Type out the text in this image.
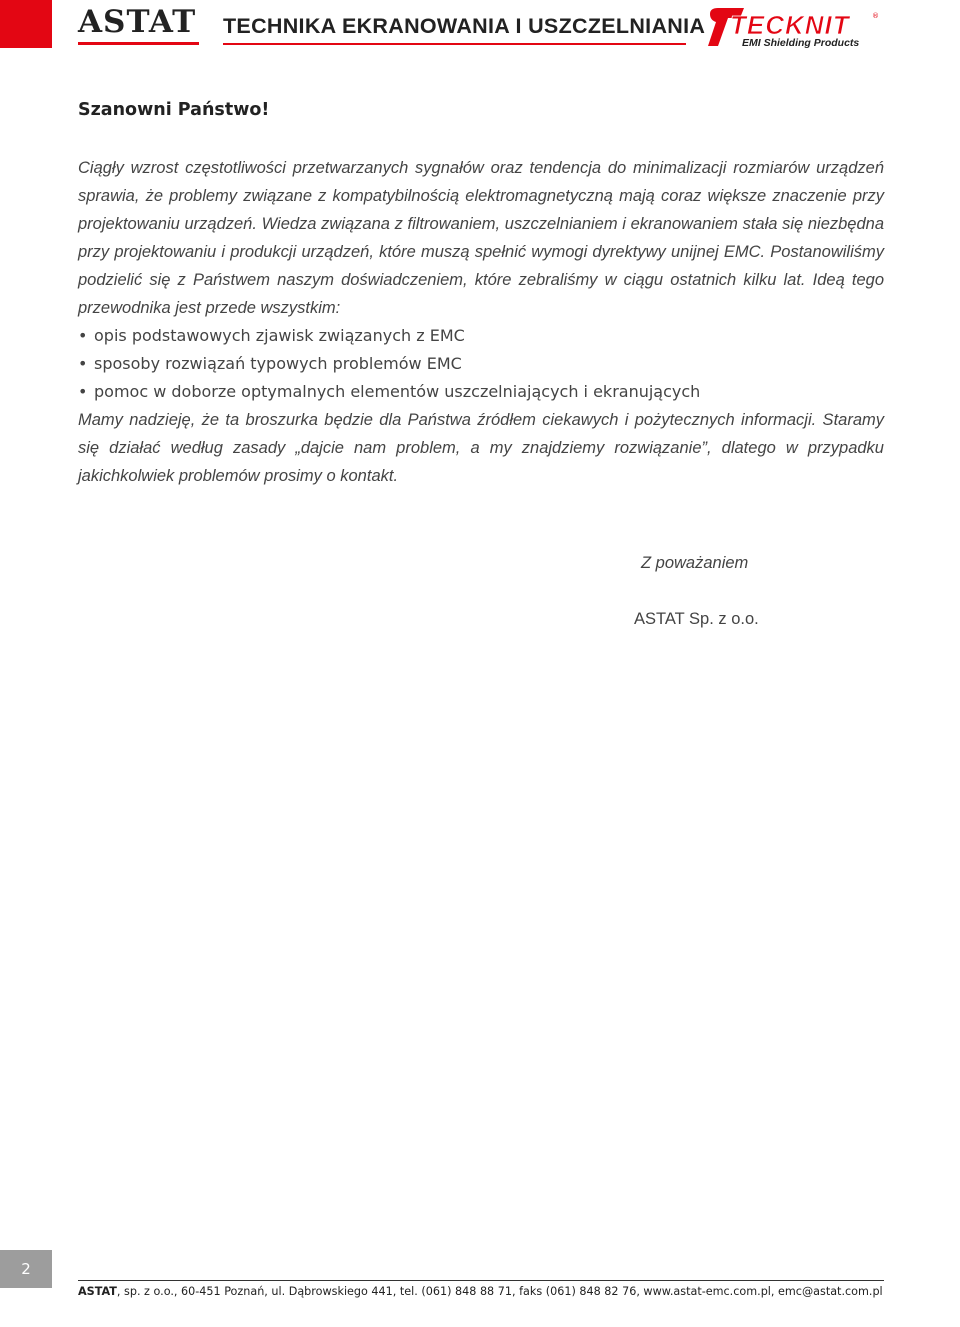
ASTAT TECHNIKA EKRANOWANIA I USZCZELNIANIA TECKNIT	®
EMI Shielding Products
Szanowni Państwo!

Ciągły wzrost częstotliwości przetwarzanych sygnałów oraz tendencja do minimalizacji rozmiarów urządzeń sprawia, że problemy związane z kompatybilnością elektromagnetyczną mają coraz większe znaczenie przy projektowaniu urządzeń. Wiedza związana z filtrowaniem, uszczelnianiem i ekranowaniem stała się niezbędna przy projektowaniu i produkcji urządzeń, które muszą spełnić wymogi dyrektywy unijnej EMC. Postanowiliśmy podzielić się z Państwem naszym doświadczeniem, które zebraliśmy w ciągu ostatnich kilku lat. Ideą tego przewodnika jest przede wszystkim:

• opis podstawowych zjawisk związanych z EMC
• sposoby rozwiązań typowych problemów EMC
• pomoc w doborze optymalnych elementów uszczelniających i ekranujących

Mamy nadzieję, że ta broszurka będzie dla Państwa źródłem ciekawych i pożytecznych informacji. Staramy się działać według zasady „dajcie nam problem, a my znajdziemy rozwiązanie”, dlatego w przypadku jakichkolwiek problemów prosimy o kontakt.

Z poważaniem
ASTAT Sp. z o.o.
2
ASTAT, sp. z o.o., 60-451 Poznań, ul. Dąbrowskiego 441, tel. (061) 848 88 71, faks (061) 848 82 76, www.astat-emc.com.pl, emc@astat.com.pl
